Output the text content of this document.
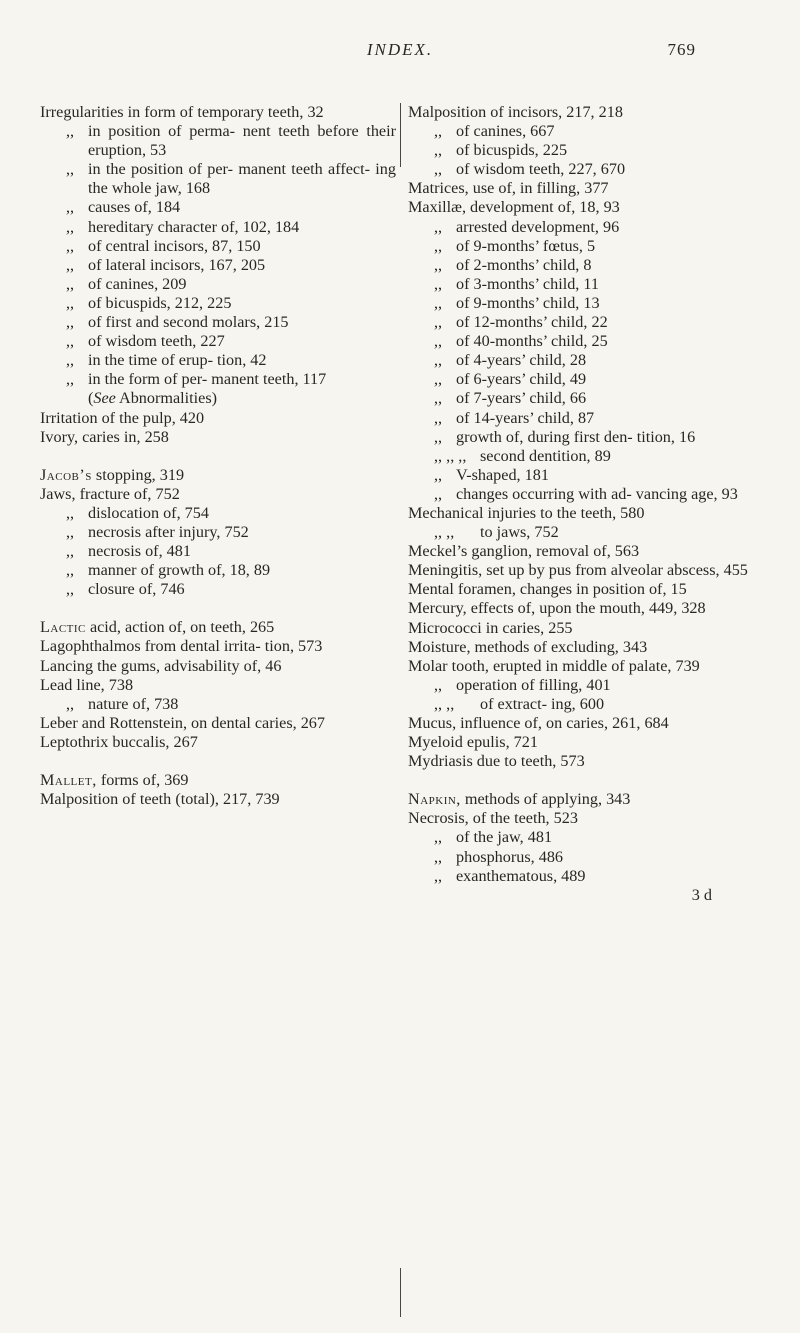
INDEX.	769

Irregularities in form of temporary teeth, 32

,, in position of perma- nent teeth before their eruption, 53

,, in the position of per- manent teeth affect- ing the whole jaw, 168

,, causes of, 184

,, hereditary character of, 102, 184

,, of central incisors, 87, 150

,, of lateral incisors, 167, 205

,, of canines, 209

,, of bicuspids, 212, 225

,, of first and second molars, 215

,, of wisdom teeth, 227

,, in the time of erup- tion, 42

,, in the form of per- manent teeth, 117

(See Abnormalities)

Irritation of the pulp, 420

Ivory, caries in, 258

Jacob’s stopping, 319

Jaws, fracture of, 752

,, dislocation of, 754

,, necrosis after injury, 752

,, necrosis of, 481

,, manner of growth of, 18, 89

,, closure of, 746

Lactic acid, action of, on teeth, 265

Lagophthalmos from dental irrita- tion, 573

Lancing the gums, advisability of, 46

Lead line, 738

,, nature of, 738

Leber and Rottenstein, on dental caries, 267

Leptothrix buccalis, 267

Mallet, forms of, 369

Malposition of teeth (total), 217, 739

Malposition of incisors, 217, 218

,, of canines, 667

,, of bicuspids, 225

,, of wisdom teeth, 227, 670

Matrices, use of, in filling, 377

Maxillæ, development of, 18, 93

,, arrested development, 96

,, of 9-months’ fœtus, 5

,, of 2-months’ child, 8

,, of 3-months’ child, 11

,, of 9-months’ child, 13

,, of 12-months’ child, 22

,, of 40-months’ child, 25

,, of 4-years’ child, 28

,, of 6-years’ child, 49

,, of 7-years’ child, 66

,, of 14-years’ child, 87

,, growth of, during first den- tition, 16

,, ,, ,, second dentition, 89

,, V-shaped, 181

,, changes occurring with ad- vancing age, 93

Mechanical injuries to the teeth, 580

,, ,, to jaws, 752

Meckel’s ganglion, removal of, 563

Meningitis, set up by pus from alveolar abscess, 455

Mental foramen, changes in position of, 15

Mercury, effects of, upon the mouth, 449, 328

Micrococci in caries, 255

Moisture, methods of excluding, 343

Molar tooth, erupted in middle of palate, 739

,, operation of filling, 401

,, ,, of extract- ing, 600

Mucus, influence of, on caries, 261, 684

Myeloid epulis, 721

Mydriasis due to teeth, 573

Napkin, methods of applying, 343

Necrosis, of the teeth, 523

,, of the jaw, 481

,, phosphorus, 486

,, exanthematous, 489

3 d
